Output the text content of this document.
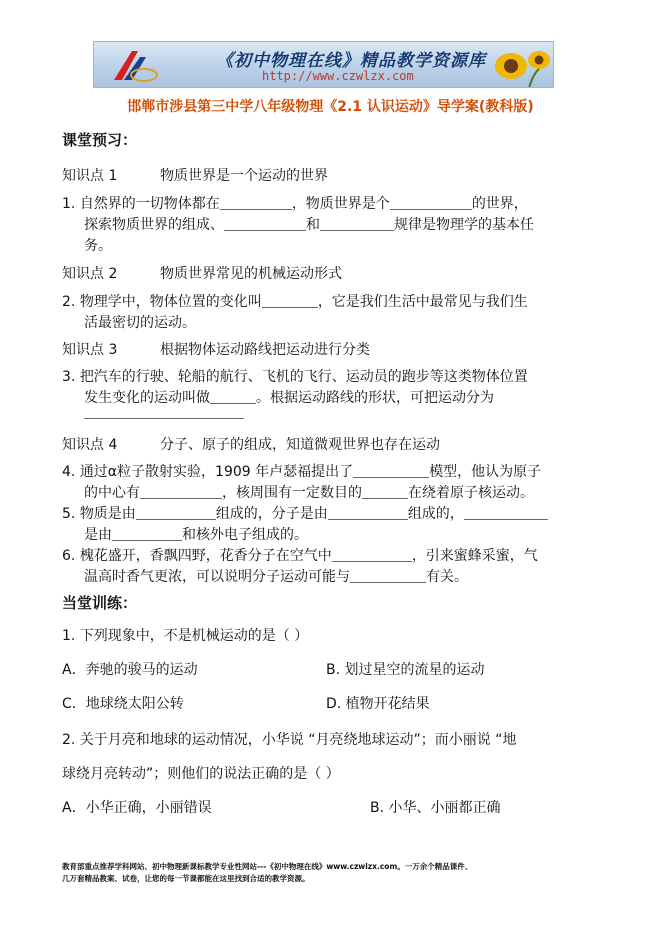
《初中物理在线》精品教学资源库
http://www.czwlzx.com
邯郸市涉县第三中学八年级物理《2.1 认识运动》导学案(教科版)
课堂预习：
知识点 1	物质世界是一个运动的世界
1. 自然界的一切物体都在	，物质世界是个	的世界，
探索物质世界的组成、	和	规律是物理学的基本任
务。
知识点 2	物质世界常见的机械运动形式
2. 物理学中，物体位置的变化叫	，它是我们生活中最常见与我们生
活最密切的运动。
知识点 3	根据物体运动路线把运动进行分类
3. 把汽车的行驶、轮船的航行、飞机的飞行、运动员的跑步等这类物体位置
发生变化的运动叫做	。根据运动路线的形状，可把运动分为
知识点 4	分子、原子的组成，知道微观世界也存在运动
4. 通过α粒子散射实验，1909 年卢瑟福提出了	模型，他认为原子
的中心有	，核周围有一定数目的	在绕着原子核运动。
5. 物质是由	组成的，分子是由	组成的，
是由	和核外电子组成的。
6. 槐花盛开，香飘四野，花香分子在空气中	，引来蜜蜂采蜜，气
温高时香气更浓，可以说明分子运动可能与	有关。
当堂训练：
1. 下列现象中，不是机械运动的是（ ）
A．奔驰的骏马的运动	B. 划过星空的流星的运动
C．地球绕太阳公转	D. 植物开花结果
2. 关于月亮和地球的运动情况，小华说 “月亮绕地球运动”；而小丽说 “地
球绕月亮转动”；则他们的说法正确的是（ ）
A．小华正确，小丽错误	B. 小华、小丽都正确
教育部重点推荐学科网站、初中物理新课标教学专业性网站---《初中物理在线》www.czwlzx.com。一万余个精品课件、
几万套精品教案、试卷，让您的每一节课都能在这里找到合适的教学资源。
